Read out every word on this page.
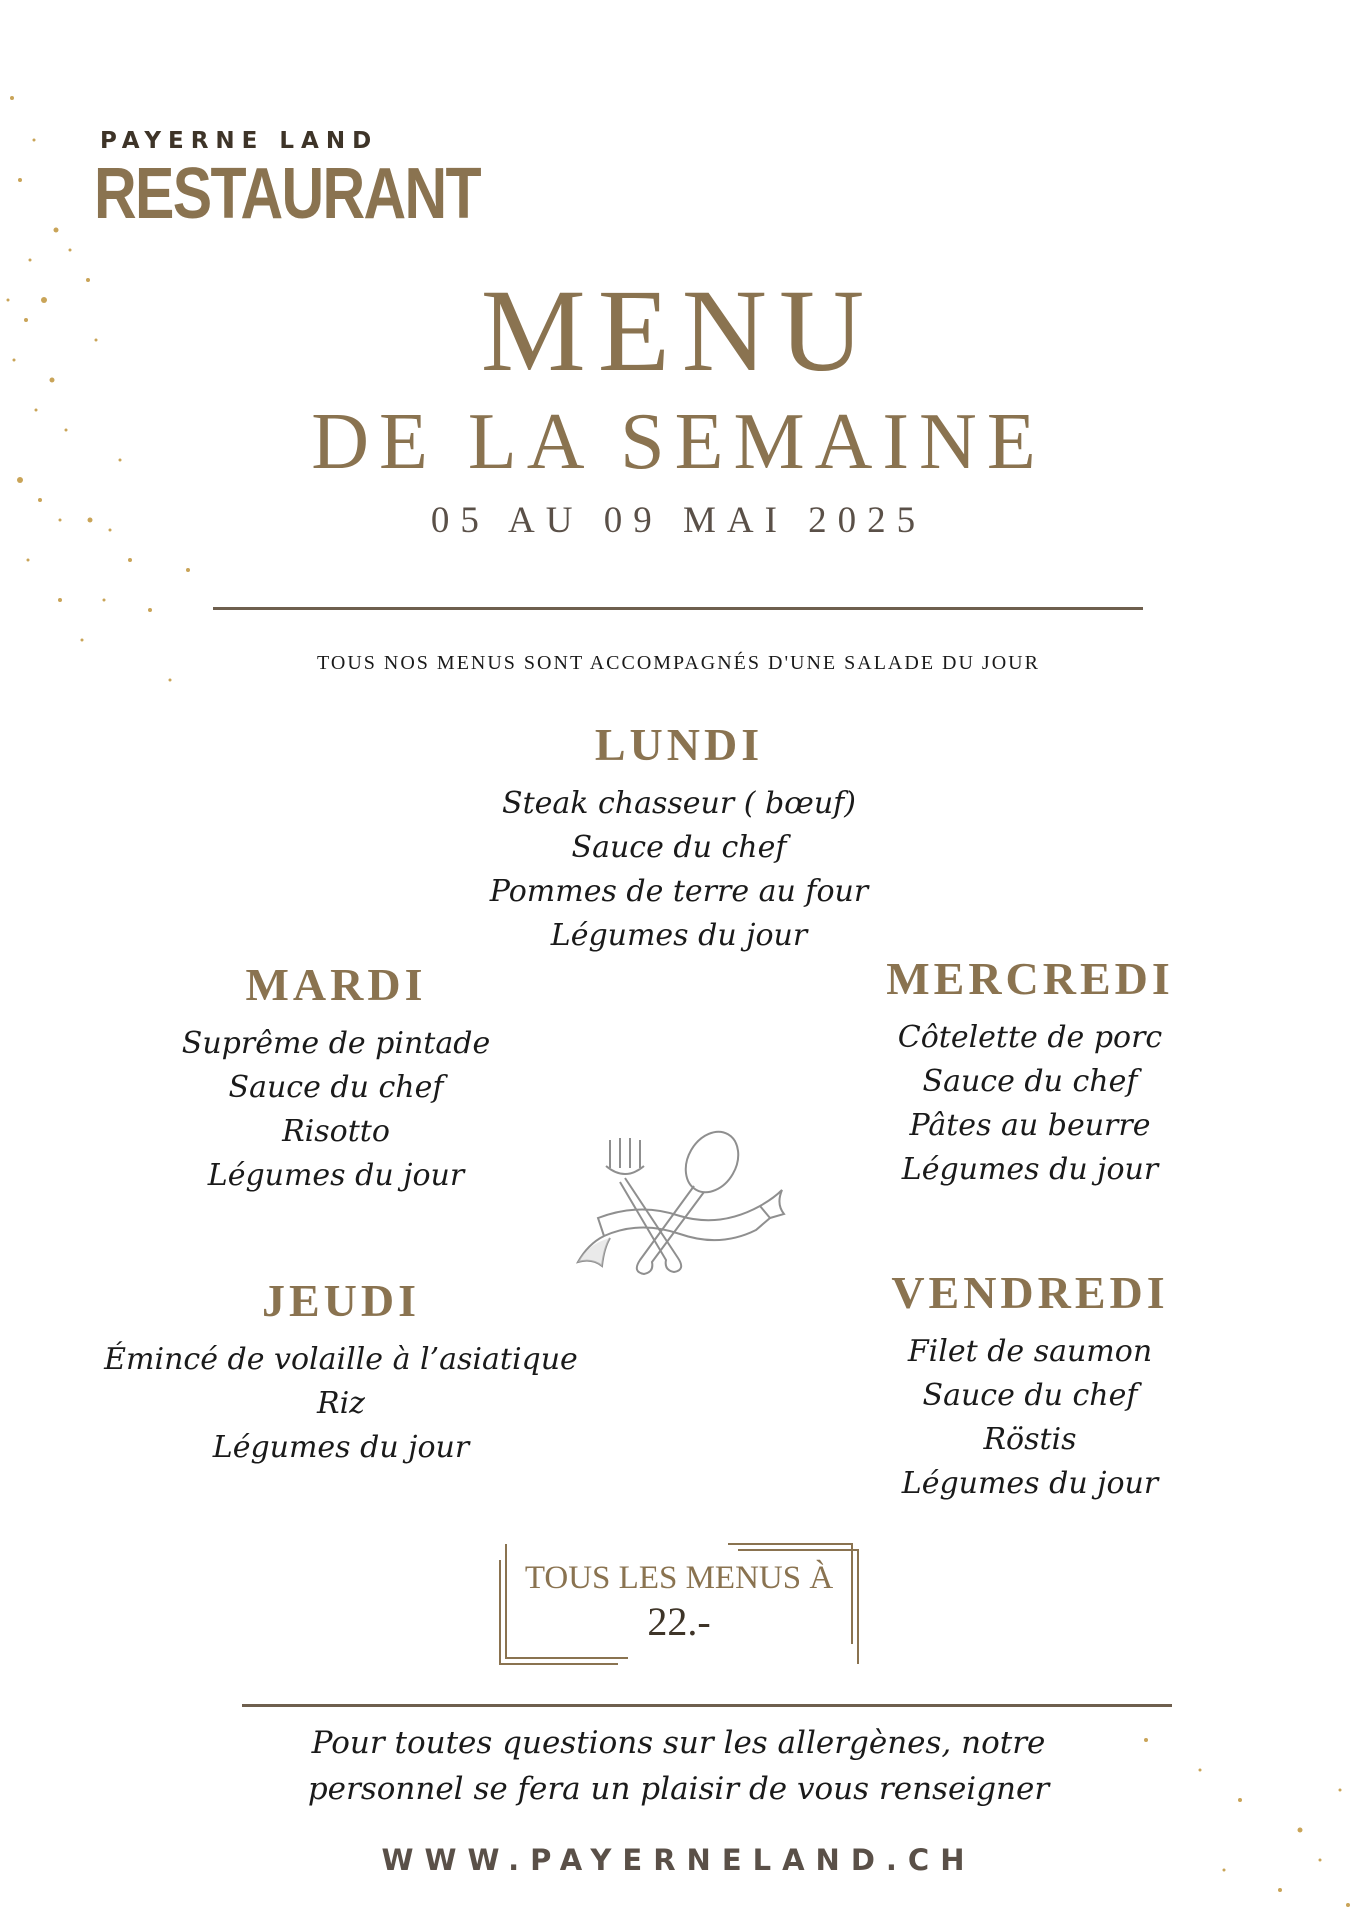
PAYERNE LAND
RESTAURANT
MENU
DE LA SEMAINE
05 AU 09 MAI 2025
TOUS NOS MENUS SONT ACCOMPAGNÉS D'UNE SALADE DU JOUR
LUNDI
Steak chasseur ( bœuf)
Sauce du chef
Pommes de terre au four
Légumes du jour
MARDI
Suprême de pintade
Sauce du chef
Risotto
Légumes du jour
MERCREDI
Côtelette de porc
Sauce du chef
Pâtes au beurre
Légumes du jour
JEUDI
Émincé de volaille à l’asiatique
Riz
Légumes du jour
VENDREDI
Filet de saumon
Sauce du chef
Röstis
Légumes du jour
TOUS LES MENUS À
22.-
Pour toutes questions sur les allergènes, notre
personnel se fera un plaisir de vous renseigner
WWW.PAYERNELAND.CH
